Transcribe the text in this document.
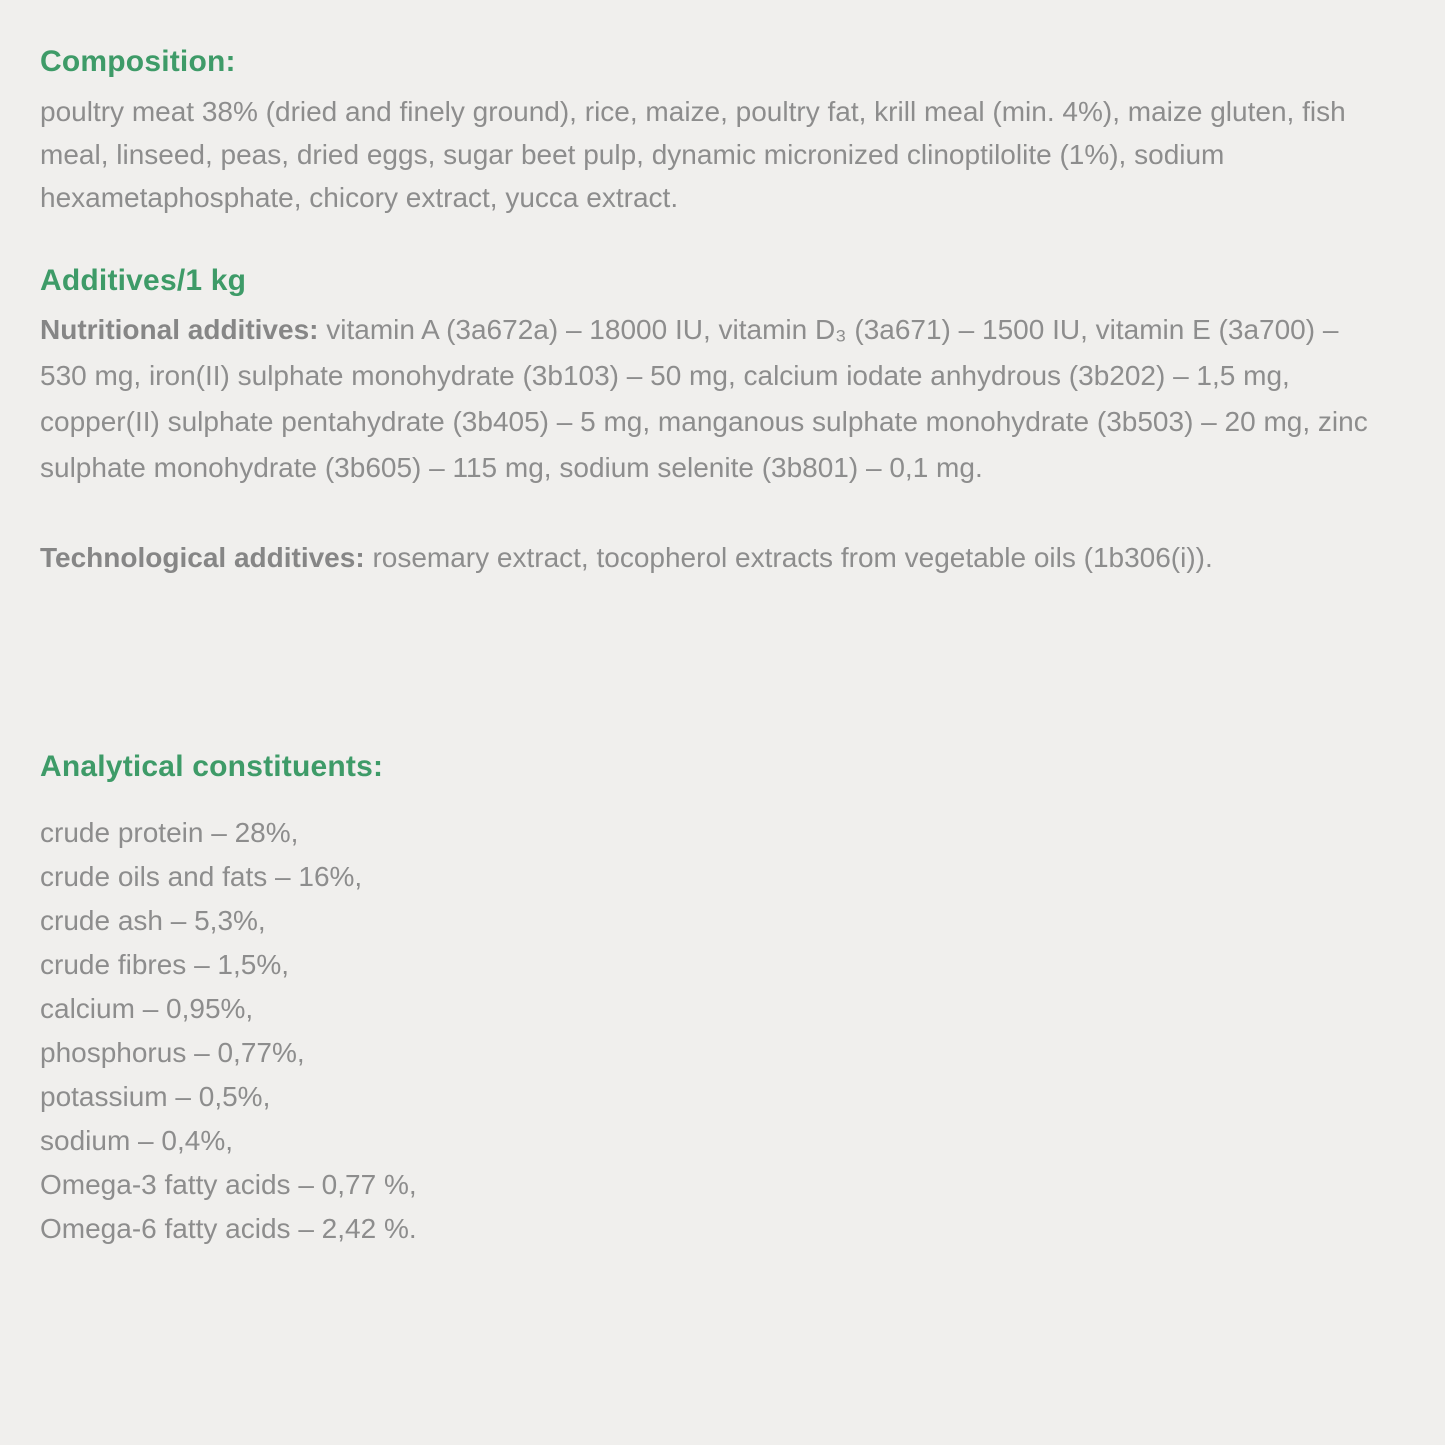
Composition:

poultry meat 38% (dried and finely ground), rice, maize, poultry fat, krill meal (min. 4%), maize gluten, fish meal, linseed, peas, dried eggs, sugar beet pulp, dynamic micronized clinoptilolite (1%), sodium hexametaphosphate, chicory extract, yucca extract.

Additives/1 kg

Nutritional additives: vitamin A (3a672a) – 18000 IU, vitamin D₃ (3a671) – 1500 IU, vitamin E (3a700) – 530 mg, iron(II) sulphate monohydrate (3b103) – 50 mg, calcium iodate anhydrous (3b202) – 1,5 mg, copper(II) sulphate pentahydrate (3b405) – 5 mg, manganous sulphate monohydrate (3b503) – 20 mg, zinc sulphate monohydrate (3b605) – 115 mg, sodium selenite (3b801) – 0,1 mg.

Technological additives: rosemary extract, tocopherol extracts from vegetable oils (1b306(i)).

Analytical constituents:
crude protein – 28%,
crude oils and fats – 16%,
crude ash – 5,3%,
crude fibres – 1,5%,
calcium – 0,95%,
phosphorus – 0,77%,
potassium – 0,5%,
sodium – 0,4%,
Omega-3 fatty acids – 0,77 %,
Omega-6 fatty acids – 2,42 %.
